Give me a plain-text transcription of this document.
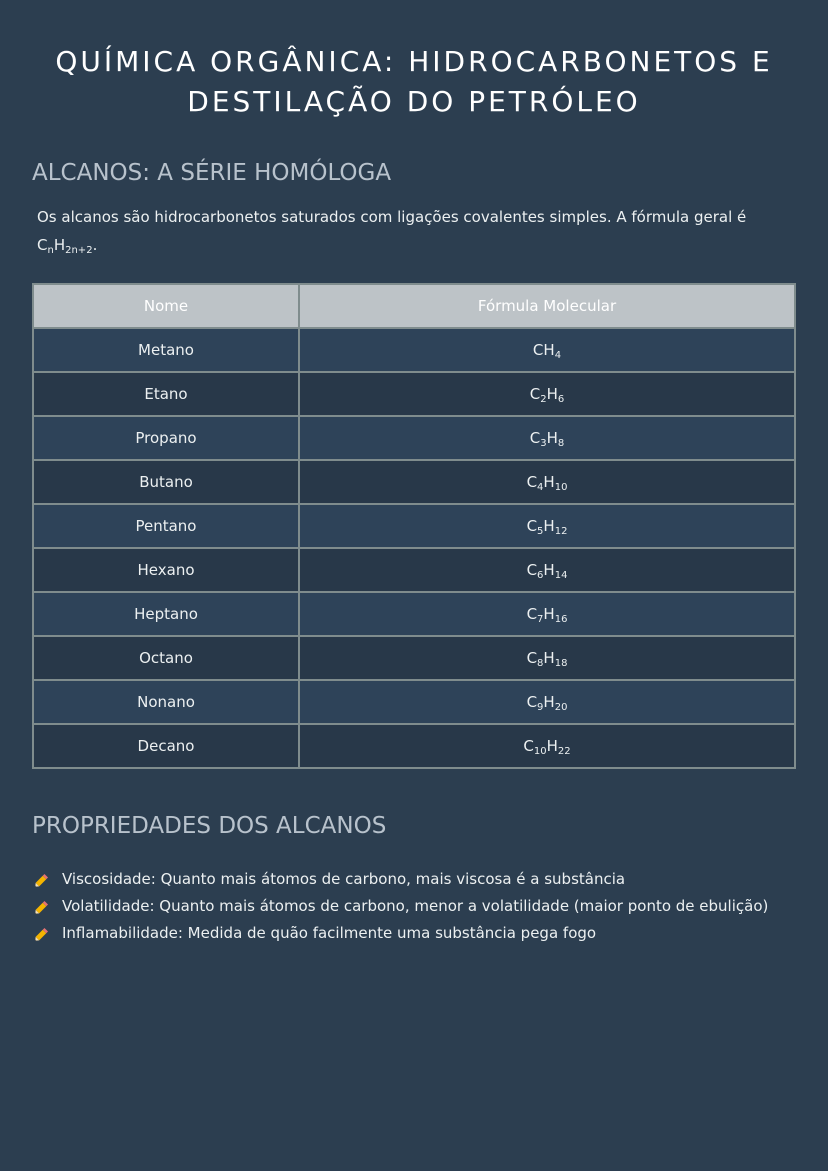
QUÍMICA ORGÂNICA: HIDROCARBONETOS E DESTILAÇÃO DO PETRÓLEO
ALCANOS: A SÉRIE HOMÓLOGA

Os alcanos são hidrocarbonetos saturados com ligações covalentes simples. A fórmula geral é $C_nH_{2n+2}$.

Nome	Fórmula Molecular
Metano	$CH_4$
Etano	$C_2H_6$
Propano	$C_3H_8$
Butano	$C_4H_{10}$
Pentano	$C_5H_{12}$
Hexano	$C_6H_{14}$
Heptano	$C_7H_{16}$
Octano	$C_8H_{18}$
Nonano	$C_9H_{20}$
Decano	$C_{10}H_{22}$
PROPRIEDADES DOS ALCANOS
Viscosidade: Quanto mais átomos de carbono, mais viscosa é a substância
Volatilidade: Quanto mais átomos de carbono, menor a volatilidade (maior ponto de ebulição)
Inflamabilidade: Medida de quão facilmente uma substância pega fogo
